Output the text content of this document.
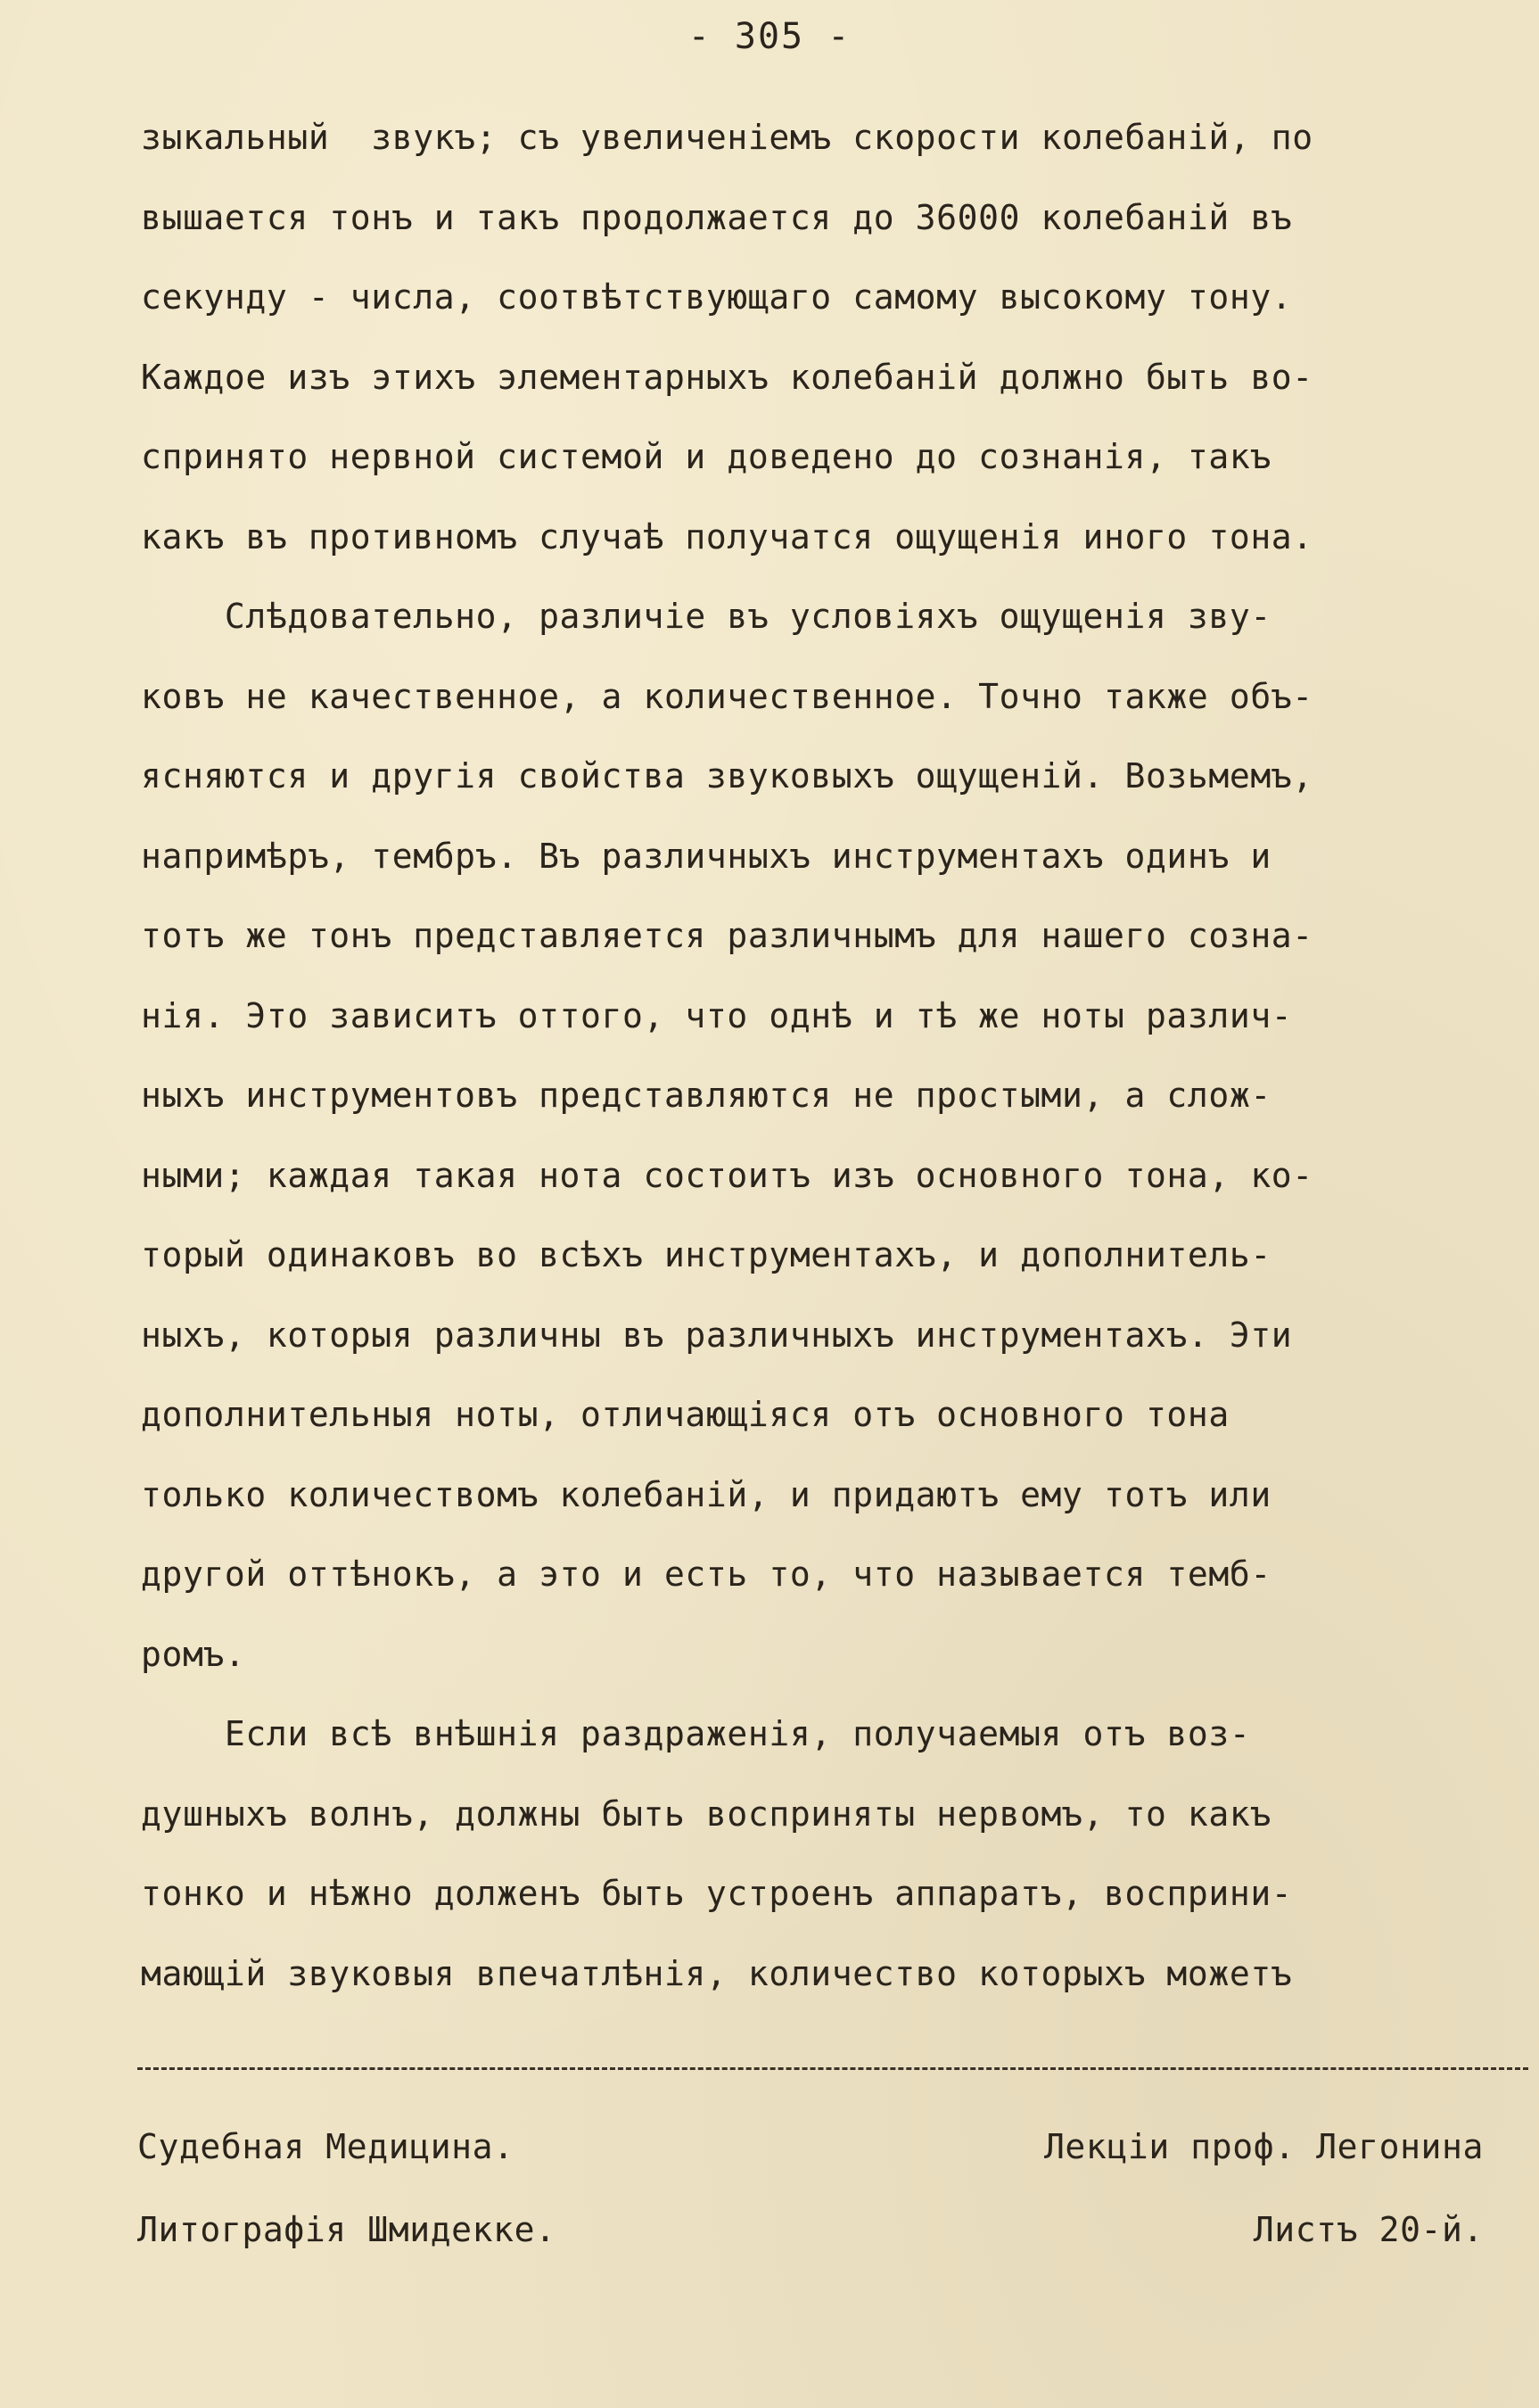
- 305 -
зыкальный  звукъ; съ увеличенiемъ скорости колебанiй, по
вышается тонъ и такъ продолжается до 36000 колебанiй въ
секунду - числа, соотвѣтствующаго самому высокому тону.
Каждое изъ этихъ элементарныхъ колебанiй должно быть во-
спринято нервной системой и доведено до сознанiя, такъ
какъ въ противномъ случаѣ получатся ощущенiя иного тона.
Слѣдовательно, различiе въ условiяхъ ощущенiя зву-
ковъ не качественное, а количественное. Точно также объ-
ясняются и другiя свойства звуковыхъ ощущенiй. Возьмемъ,
напримѣръ, тембръ. Въ различныхъ инструментахъ одинъ и
тотъ же тонъ представляется различнымъ для нашего созна-
нiя. Это зависитъ оттого, что однѣ и тѣ же ноты различ-
ныхъ инструментовъ представляются не простыми, а слож-
ными; каждая такая нота состоитъ изъ основного тона, ко-
торый одинаковъ во всѣхъ инструментахъ, и дополнитель-
ныхъ, которыя различны въ различныхъ инструментахъ. Эти
дополнительныя ноты, отличающiяся отъ основного тона
только количествомъ колебанiй, и придаютъ ему тотъ или
другой оттѣнокъ, а это и есть то, что называется темб-
ромъ.
Если всѣ внѣшнiя раздраженiя, получаемыя отъ воз-
душныхъ волнъ, должны быть восприняты нервомъ, то какъ
тонко и нѣжно долженъ быть устроенъ аппаратъ, восприни-
мающiй звуковыя впечатлѣнiя, количество которыхъ можетъ
Судебная Медицина.	Лекцiи проф. Легонина
Литографiя Шмидекке.	Листъ 20-й.
